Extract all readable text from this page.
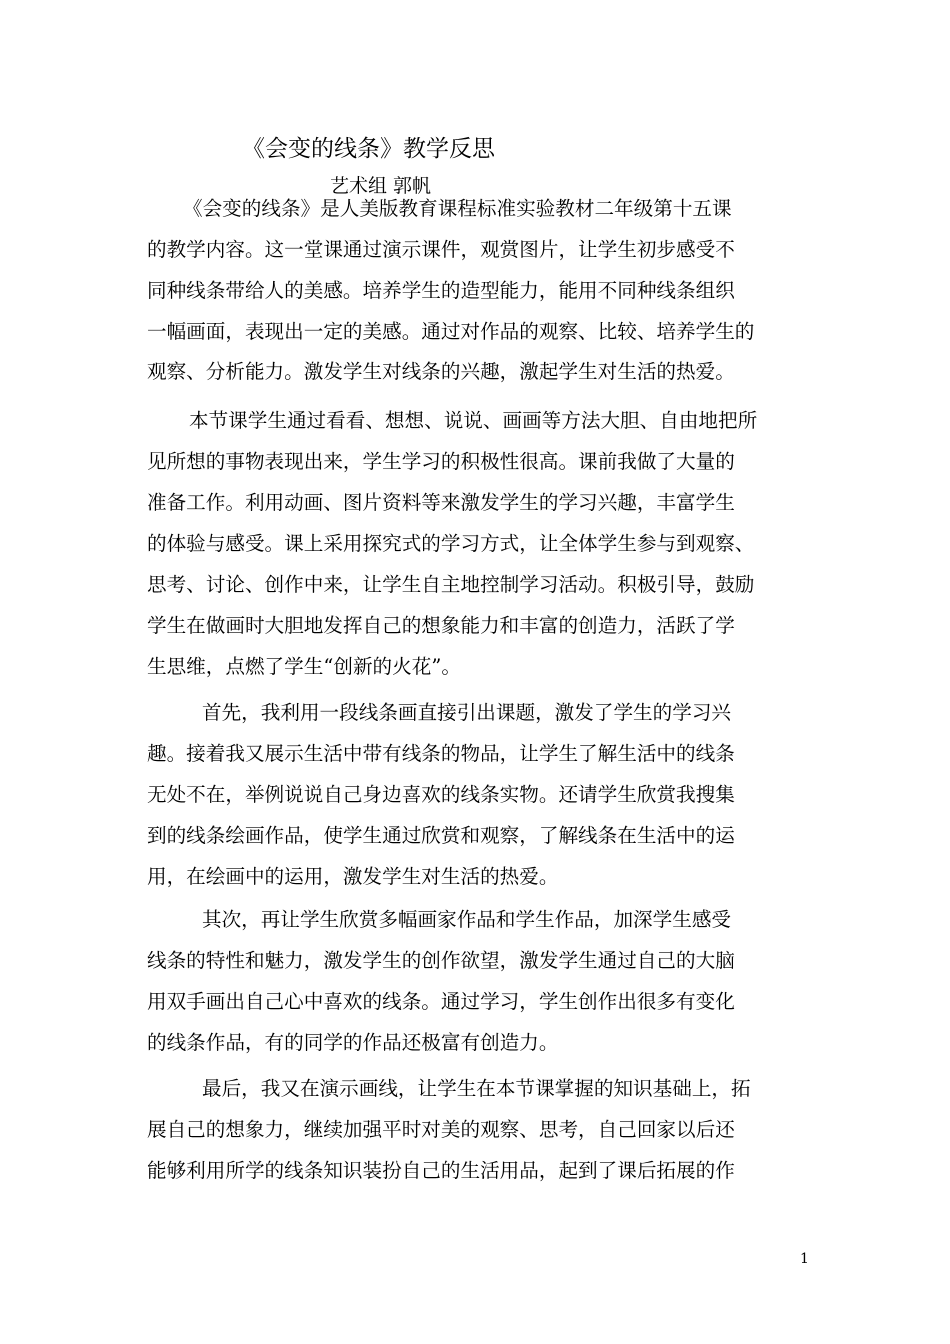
《会变的线条》教学反思
艺术组 郭帆
《会变的线条》是人美版教育课程标准实验教材二年级第十五课
的教学内容。这一堂课通过演示课件，观赏图片，让学生初步感受不
同种线条带给人的美感。培养学生的造型能力，能用不同种线条组织
一幅画面，表现出一定的美感。通过对作品的观察、比较、培养学生的
观察、分析能力。激发学生对线条的兴趣，激起学生对生活的热爱。
本节课学生通过看看、想想、说说、画画等方法大胆、自由地把所
见所想的事物表现出来，学生学习的积极性很高。课前我做了大量的
准备工作。利用动画、图片资料等来激发学生的学习兴趣，丰富学生
的体验与感受。课上采用探究式的学习方式，让全体学生参与到观察、
思考、讨论、创作中来，让学生自主地控制学习活动。积极引导，鼓励
学生在做画时大胆地发挥自己的想象能力和丰富的创造力，活跃了学
生思维，点燃了学生“创新的火花”。
首先，我利用一段线条画直接引出课题，激发了学生的学习兴
趣。接着我又展示生活中带有线条的物品，让学生了解生活中的线条
无处不在，举例说说自己身边喜欢的线条实物。还请学生欣赏我搜集
到的线条绘画作品，使学生通过欣赏和观察，了解线条在生活中的运
用，在绘画中的运用，激发学生对生活的热爱。
其次，再让学生欣赏多幅画家作品和学生作品，加深学生感受
线条的特性和魅力，激发学生的创作欲望，激发学生通过自己的大脑
用双手画出自己心中喜欢的线条。通过学习，学生创作出很多有变化
的线条作品，有的同学的作品还极富有创造力。
最后，我又在演示画线，让学生在本节课掌握的知识基础上，拓
展自己的想象力，继续加强平时对美的观察、思考，自己回家以后还
能够利用所学的线条知识装扮自己的生活用品，起到了课后拓展的作
1
